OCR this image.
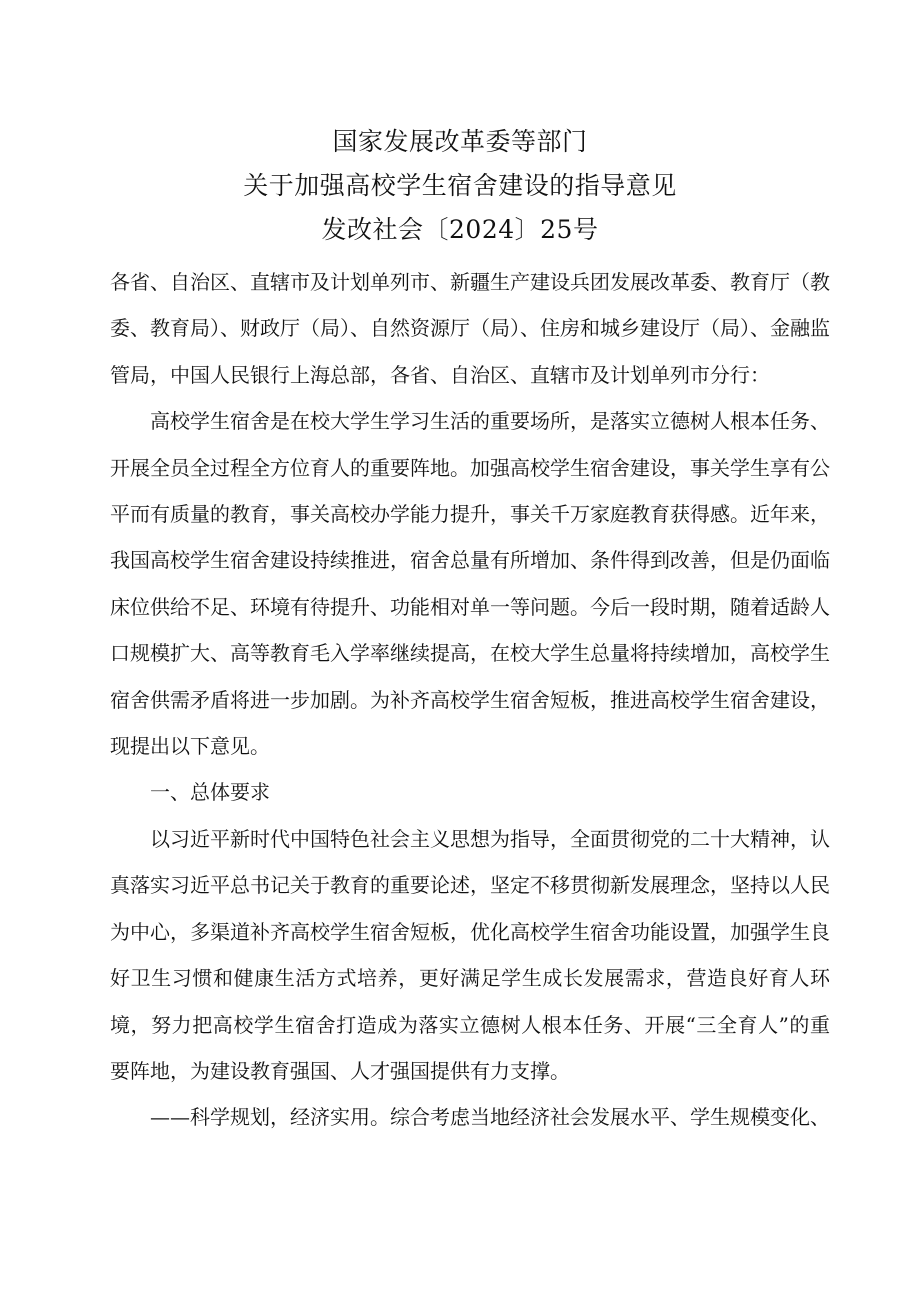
国家发展改革委等部门
关于加强高校学生宿舍建设的指导意见
发改社会〔2024〕25号

各省、自治区、直辖市及计划单列市、新疆生产建设兵团发展改革委、教育厅（教委、教育局）、财政厅（局）、自然资源厅（局）、住房和城乡建设厅（局）、金融监管局，中国人民银行上海总部，各省、自治区、直辖市及计划单列市分行：

高校学生宿舍是在校大学生学习生活的重要场所，是落实立德树人根本任务、开展全员全过程全方位育人的重要阵地。加强高校学生宿舍建设，事关学生享有公平而有质量的教育，事关高校办学能力提升，事关千万家庭教育获得感。近年来，我国高校学生宿舍建设持续推进，宿舍总量有所增加、条件得到改善，但是仍面临床位供给不足、环境有待提升、功能相对单一等问题。今后一段时期，随着适龄人口规模扩大、高等教育毛入学率继续提高，在校大学生总量将持续增加，高校学生宿舍供需矛盾将进一步加剧。为补齐高校学生宿舍短板，推进高校学生宿舍建设，现提出以下意见。

一、总体要求

以习近平新时代中国特色社会主义思想为指导，全面贯彻党的二十大精神，认真落实习近平总书记关于教育的重要论述，坚定不移贯彻新发展理念，坚持以人民为中心，多渠道补齐高校学生宿舍短板，优化高校学生宿舍功能设置，加强学生良好卫生习惯和健康生活方式培养，更好满足学生成长发展需求，营造良好育人环境，努力把高校学生宿舍打造成为落实立德树人根本任务、开展“三全育人”的重要阵地，为建设教育强国、人才强国提供有力支撑。

——科学规划，经济实用。综合考虑当地经济社会发展水平、学生规模变化、
